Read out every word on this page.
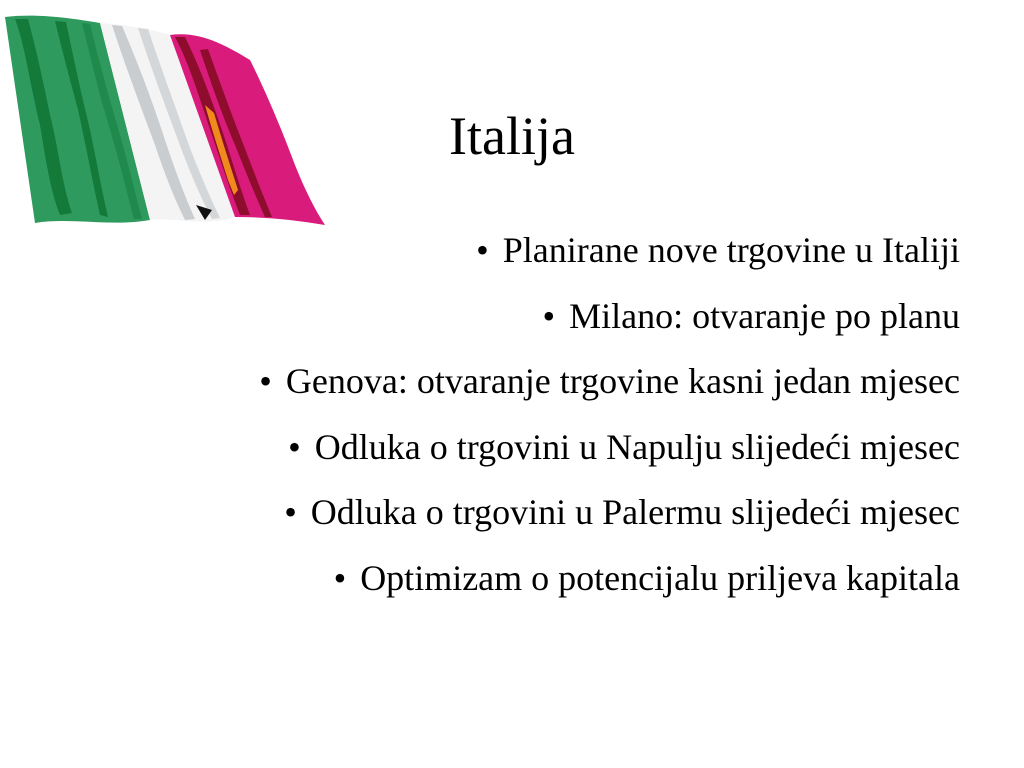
Italija
• Planirane nove trgovine u Italiji
• Milano: otvaranje po planu
• Genova: otvaranje trgovine kasni jedan mjesec
• Odluka o trgovini u Napulju slijedeći mjesec
• Odluka o trgovini u Palermu slijedeći mjesec
• Optimizam o potencijalu priljeva kapitala
